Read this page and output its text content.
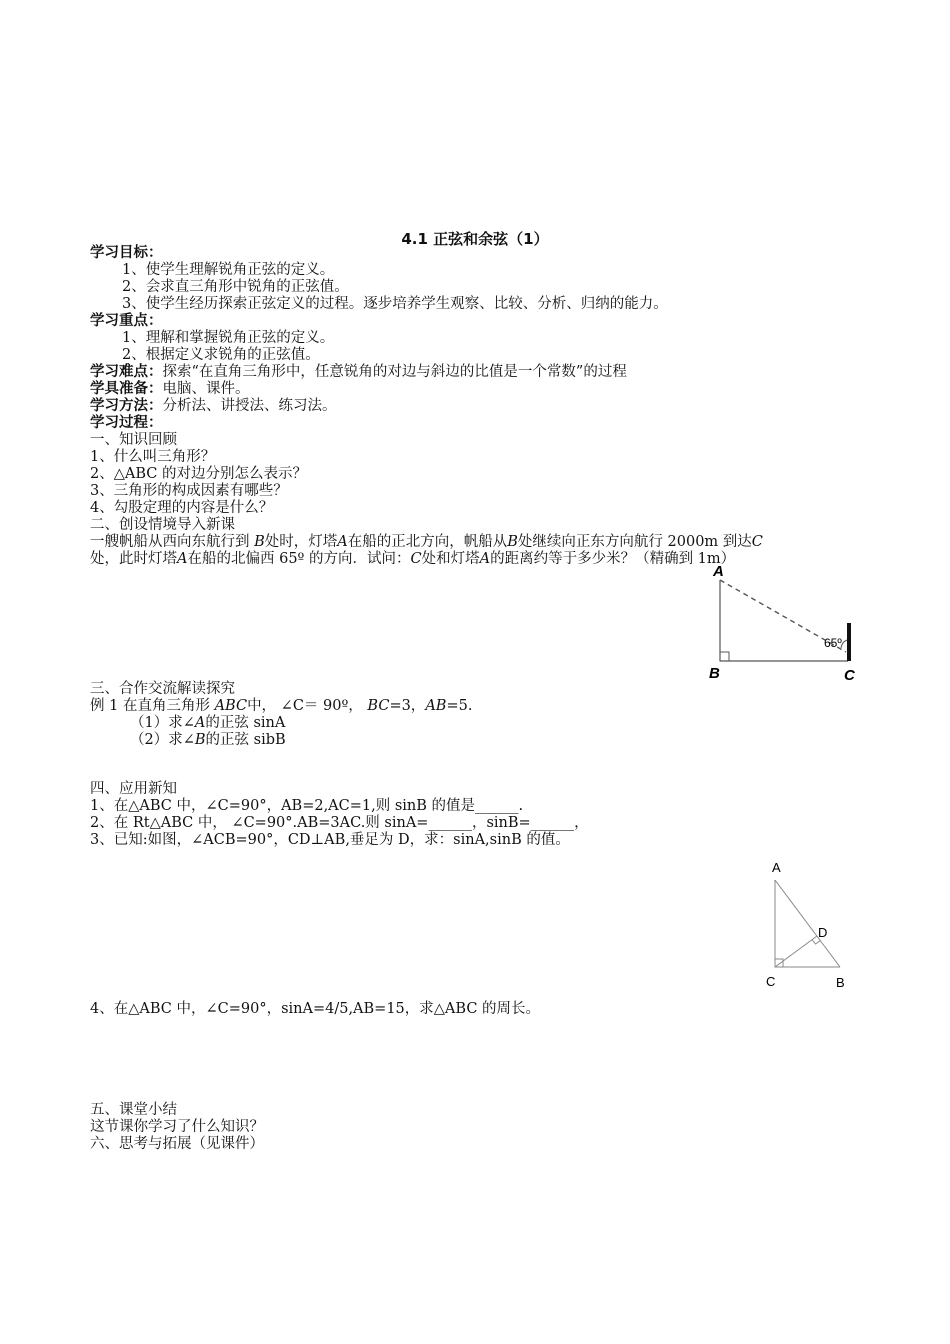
4.1 正弦和余弦（1）
学习目标：
1、使学生理解锐角正弦的定义。
2、会求直三角形中锐角的正弦值。
3、使学生经历探索正弦定义的过程。逐步培养学生观察、比较、分析、归纳的能力。
学习重点：
1、理解和掌握锐角正弦的定义。
2、根据定义求锐角的正弦值。
学习难点：探索“在直角三角形中，任意锐角的对边与斜边的比值是一个常数”的过程
学具准备：电脑、课件。
学习方法：分析法、讲授法、练习法。
学习过程：
一、知识回顾
1、什么叫三角形？
2、△ABC 的对边分别怎么表示？
3、三角形的构成因素有哪些？
4、勾股定理的内容是什么？
二、创设情境导入新课
一艘帆船从西向东航行到 B处时，灯塔A在船的正北方向，帆船从B处继续向正东方向航行 2000m 到达C
处，此时灯塔A在船的北偏西 65º 的方向．试问：C处和灯塔A的距离约等于多少米？（精确到 1m）
65º
A
B	C
三、合作交流解读探究
例 1 在直角三角形 ABC中， ∠C＝ 90º， BC=3，AB=5.
（1）求∠A的正弦 sinA
（2）求∠B的正弦 sibB
四、应用新知
1、在△ABC 中，∠C=90°，AB=2,AC=1,则 sinB 的值是______.
2、在 Rt△ABC 中， ∠C=90°.AB=3AC.则 sinA=______，sinB=______，
3、已知:如图，∠ACB=90°，CD⊥AB,垂足为 D，求：sinA,sinB 的值。
A
D
C	B
4、在△ABC 中，∠C=90°，sinA=4/5,AB=15，求△ABC 的周长。
五、课堂小结
这节课你学习了什么知识？
六、思考与拓展（见课件）
